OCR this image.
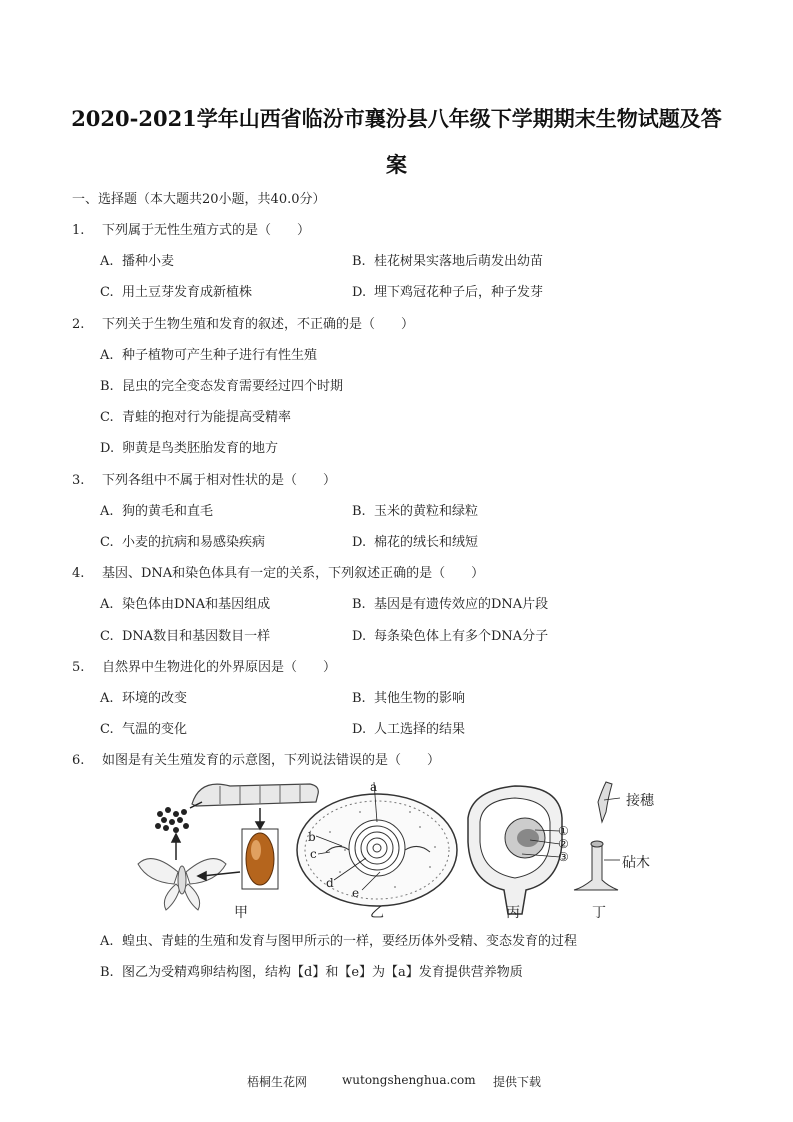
2020-2021学年山西省临汾市襄汾县八年级下学期期末生物试题及答
案
一、选择题（本大题共20小题，共40.0分）
1. 下列属于无性生殖方式的是（　　）
A. 播种小麦	B. 桂花树果实落地后萌发出幼苗
C. 用土豆芽发育成新植株	D. 埋下鸡冠花种子后，种子发芽
2. 下列关于生物生殖和发育的叙述，不正确的是（　　）
A. 种子植物可产生种子进行有性生殖
B. 昆虫的完全变态发育需要经过四个时期
C. 青蛙的抱对行为能提高受精率
D. 卵黄是鸟类胚胎发育的地方
3. 下列各组中不属于相对性状的是（　　）
A. 狗的黄毛和直毛	B. 玉米的黄粒和绿粒
C. 小麦的抗病和易感染疾病	D. 棉花的绒长和绒短
4. 基因、DNA和染色体具有一定的关系，下列叙述正确的是（　　）
A. 染色体由DNA和基因组成	B. 基因是有遗传效应的DNA片段
C. DNA数目和基因数目一样	D. 每条染色体上有多个DNA分子
5. 自然界中生物进化的外界原因是（　　）
A. 环境的改变	B. 其他生物的影响
C. 气温的变化	D. 人工选择的结果
6. 如图是有关生殖发育的示意图，下列说法错误的是（　　）
a
b
c
d
e
①
②
③
接穗
砧木
甲	乙	丙	丁
A. 蝗虫、青蛙的生殖和发育与图甲所示的一样，要经历体外受精、变态发育的过程
B. 图乙为受精鸡卵结构图，结构【d】和【e】为【a】发育提供营养物质
梧桐生花网	wutongshenghua.com 提供下载
